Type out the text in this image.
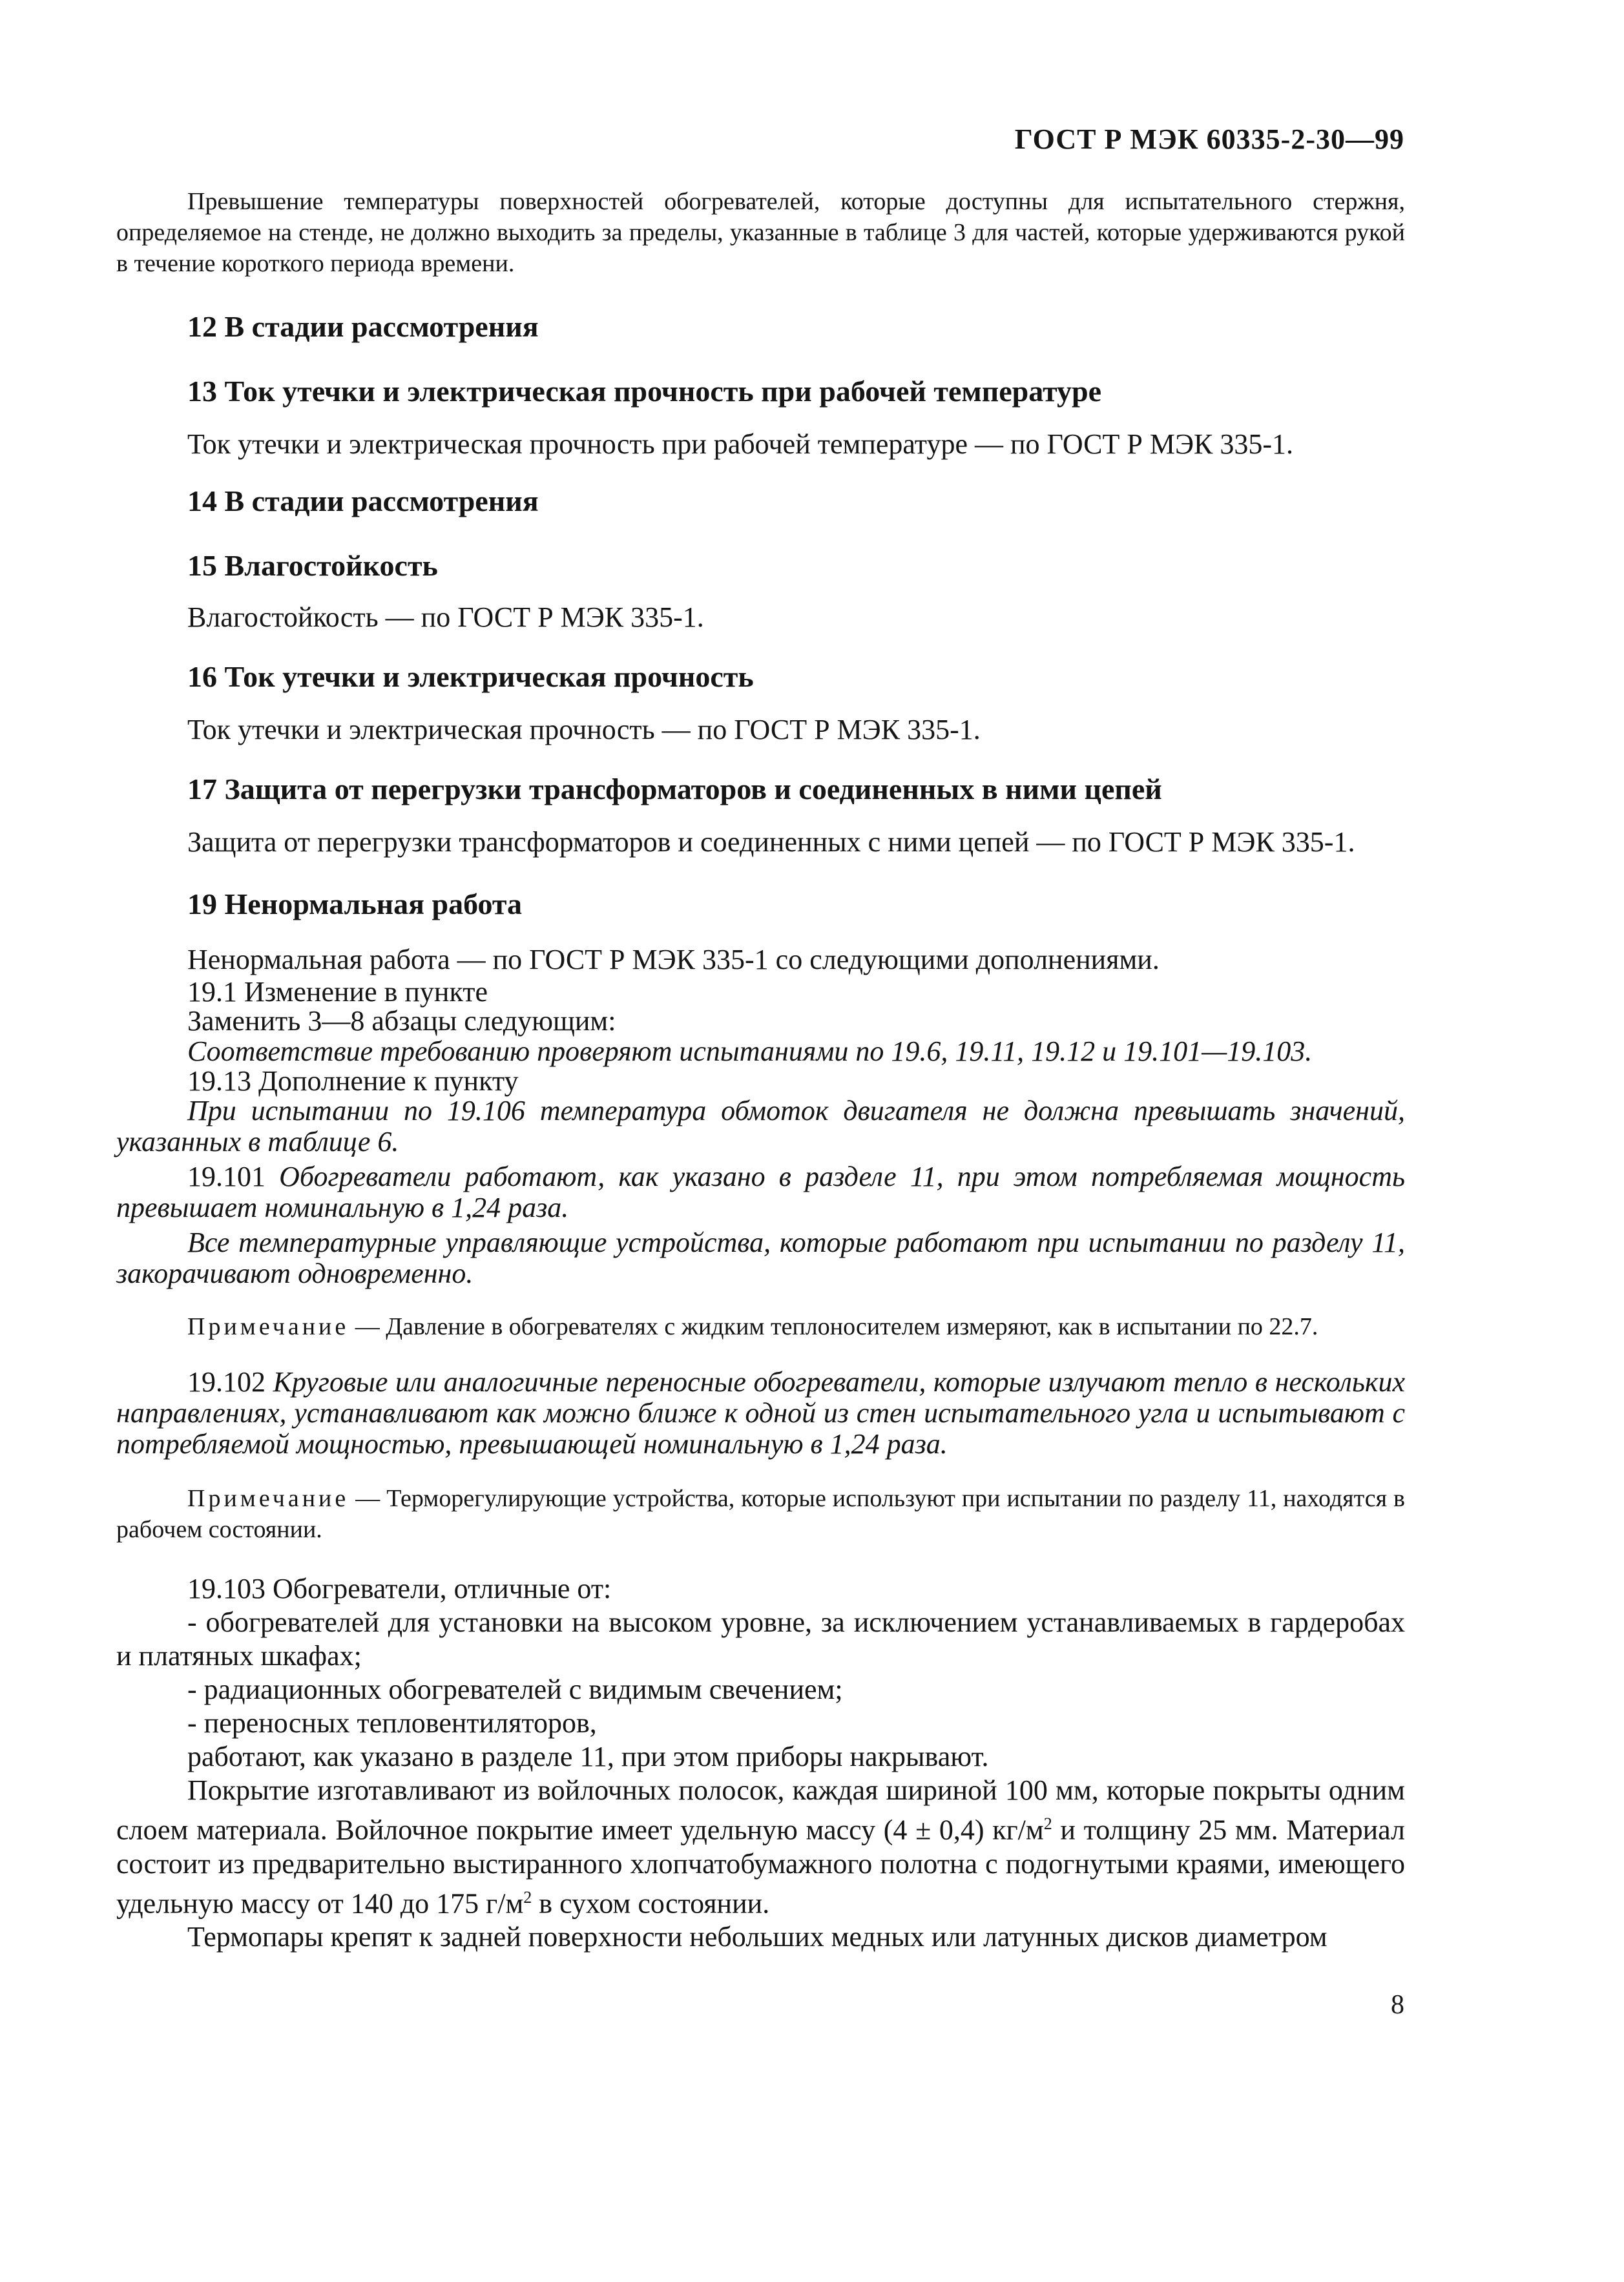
ГОСТ Р МЭК 60335-2-30—99

Превышение температуры поверхностей обогревателей, которые доступны для испытательного стержня, определяемое на стенде, не должно выходить за пределы, указанные в таблице 3 для частей, которые удерживаются рукой в течение короткого периода времени.

12 В стадии рассмотрения
13 Ток утечки и электрическая прочность при рабочей температуре

Ток утечки и электрическая прочность при рабочей температуре — по ГОСТ Р МЭК 335-1.

14 В стадии рассмотрения
15 Влагостойкость

Влагостойкость — по ГОСТ Р МЭК 335-1.

16 Ток утечки и электрическая прочность

Ток утечки и электрическая прочность — по ГОСТ Р МЭК 335-1.

17 Защита от перегрузки трансформаторов и соединенных в ними цепей

Защита от перегрузки трансформаторов и соединенных с ними цепей — по ГОСТ Р МЭК 335-1.

19 Ненормальная работа

Ненормальная работа — по ГОСТ Р МЭК 335-1 со следующими дополнениями.

19.1 Изменение в пункте

Заменить 3—8 абзацы следующим:

Соответствие требованию проверяют испытаниями по 19.6, 19.11, 19.12 и 19.101—19.103.

19.13 Дополнение к пункту

При испытании по 19.106 температура обмоток двигателя не должна превышать значений, указанных в таблице 6.

19.101 Обогреватели работают, как указано в разделе 11, при этом потребляемая мощность превышает номинальную в 1,24 раза.

Все температурные управляющие устройства, которые работают при испытании по разделу 11, закорачивают одновременно.

Примечание — Давление в обогревателях с жидким теплоносителем измеряют, как в испытании по 22.7.

19.102 Круговые или аналогичные переносные обогреватели, которые излучают тепло в нескольких направлениях, устанавливают как можно ближе к одной из стен испытательного угла и испытывают с потребляемой мощностью, превышающей номинальную в 1,24 раза.

Примечание — Терморегулирующие устройства, которые используют при испытании по разделу 11, находятся в рабочем состоянии.

19.103 Обогреватели, отличные от:

- обогревателей для установки на высоком уровне, за исключением устанавливаемых в гардеробах и платяных шкафах;

- радиационных обогревателей с видимым свечением;

- переносных тепловентиляторов,

работают, как указано в разделе 11, при этом приборы накрывают.

Покрытие изготавливают из войлочных полосок, каждая шириной 100 мм, которые покрыты одним слоем материала. Войлочное покрытие имеет удельную массу (4 ± 0,4) $кг/м^2$ и толщину 25 мм. Материал состоит из предварительно выстиранного хлопчатобумажного полотна с подогнутыми краями, имеющего удельную массу от 140 до 175 $г/м^2$ в сухом состоянии.

Термопары крепят к задней поверхности небольших медных или латунных дисков диаметром

8
